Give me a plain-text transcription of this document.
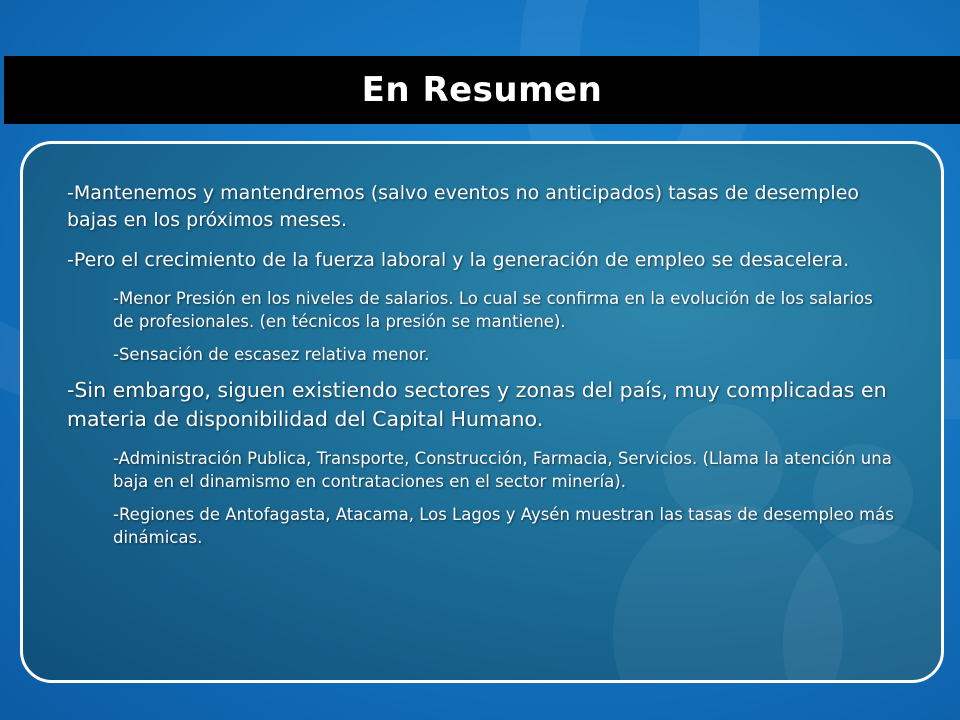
En Resumen

-Mantenemos y mantendremos (salvo eventos no anticipados) tasas de desempleo bajas en los próximos meses.

-Pero el crecimiento de la fuerza laboral y la generación de empleo se desacelera.

-Menor Presión en los niveles de salarios. Lo cual se confirma en la evolución de los salarios de profesionales. (en técnicos la presión se mantiene).

-Sensación de escasez relativa menor.

-Sin embargo, siguen existiendo sectores y zonas del país, muy complicadas en materia de disponibilidad del Capital Humano.

-Administración Publica, Transporte, Construcción, Farmacia, Servicios. (Llama la atención una baja en el dinamismo en contrataciones en el sector minería).

-Regiones de Antofagasta, Atacama, Los Lagos y Aysén muestran las tasas de desempleo más dinámicas.
